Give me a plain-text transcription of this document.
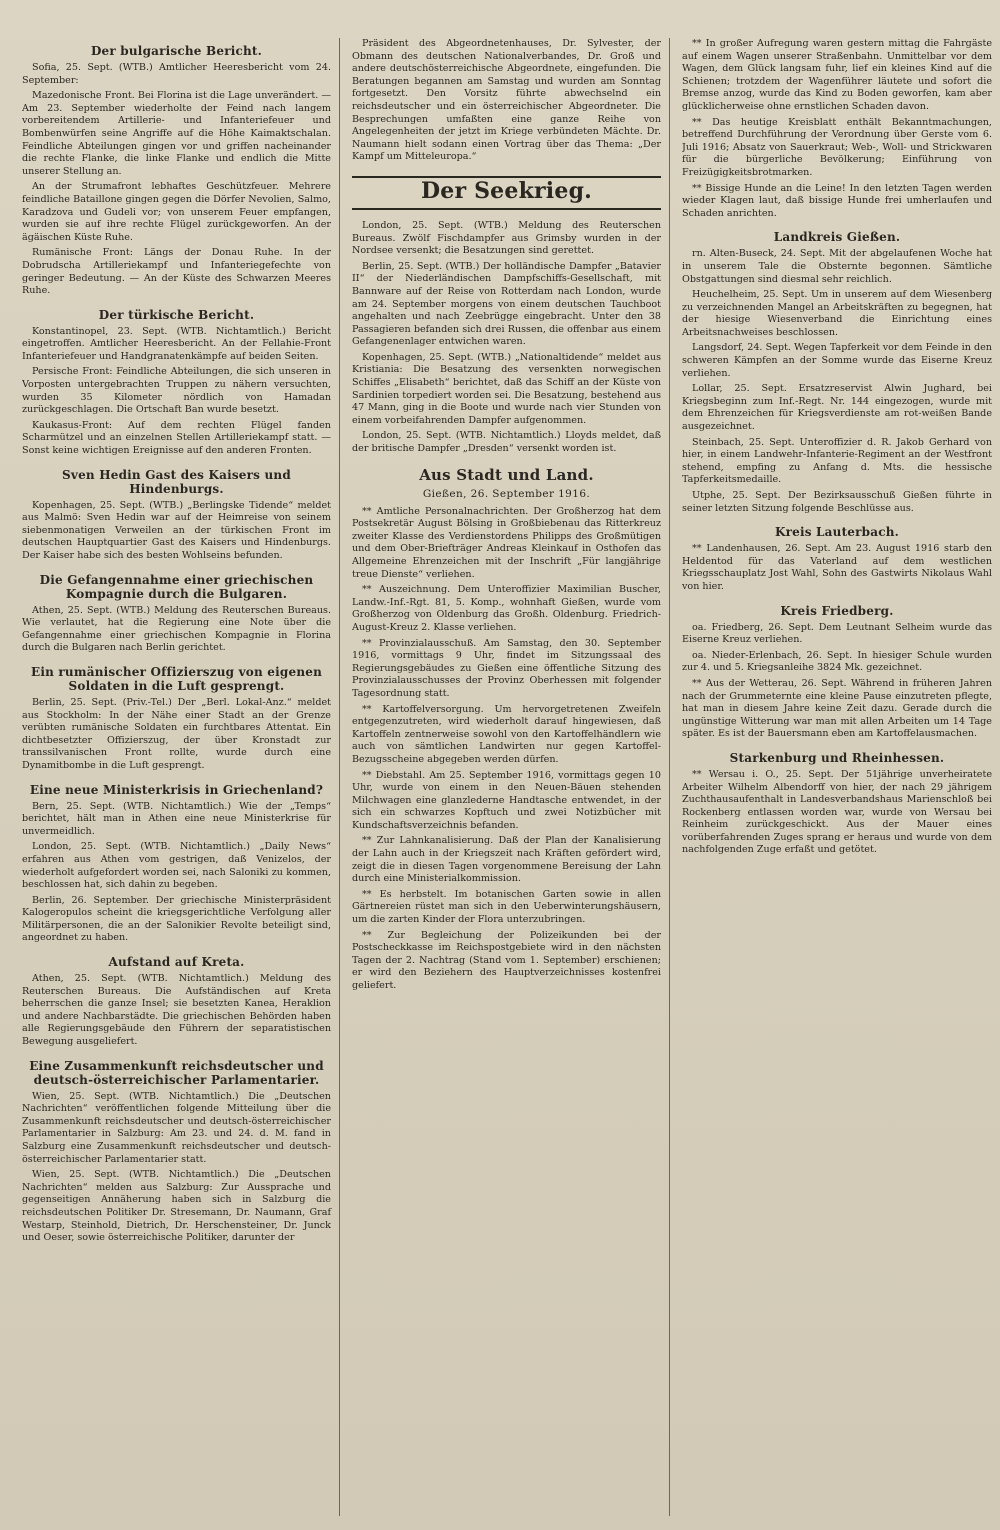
Der bulgarische Bericht.

Sofia, 25. Sept. (WTB.) Amtlicher Heeresbericht vom 24. September:

Mazedonische Front. Bei Florina ist die Lage unverändert. — Am 23. September wiederholte der Feind nach langem vorbereitendem Artillerie- und Infanteriefeuer und Bombenwürfen seine Angriffe auf die Höhe Kaimaktschalan. Feindliche Abteilungen gingen vor und griffen nacheinander die rechte Flanke, die linke Flanke und endlich die Mitte unserer Stellung an.

An der Strumafront lebhaftes Geschützfeuer. Mehrere feindliche Bataillone gingen gegen die Dörfer Nevolien, Salmo, Karadzova und Gudeli vor; von unserem Feuer empfangen, wurden sie auf ihre rechte Flügel zurückgeworfen. An der ägäischen Küste Ruhe.

Rumänische Front: Längs der Donau Ruhe. In der Dobrudscha Artilleriekampf und Infanteriegefechte von geringer Bedeutung. — An der Küste des Schwarzen Meeres Ruhe.

Der türkische Bericht.

Konstantinopel, 23. Sept. (WTB. Nichtamtlich.) Bericht eingetroffen. Amtlicher Heeresbericht. An der Fellahie-Front Infanteriefeuer und Handgranatenkämpfe auf beiden Seiten.

Persische Front: Feindliche Abteilungen, die sich unseren in Vorposten untergebrachten Truppen zu nähern versuchten, wurden 35 Kilometer nördlich von Hamadan zurückgeschlagen. Die Ortschaft Ban wurde besetzt.

Kaukasus-Front: Auf dem rechten Flügel fanden Scharmützel und an einzelnen Stellen Artilleriekampf statt. — Sonst keine wichtigen Ereignisse auf den anderen Fronten.

Sven Hedin Gast des Kaisers und Hindenburgs.

Kopenhagen, 25. Sept. (WTB.) „Berlingske Tidende“ meldet aus Malmö: Sven Hedin war auf der Heimreise von seinem siebenmonatigen Verweilen an der türkischen Front im deutschen Hauptquartier Gast des Kaisers und Hindenburgs. Der Kaiser habe sich des besten Wohlseins befunden.

Die Gefangennahme einer griechischen Kompagnie durch die Bulgaren.

Athen, 25. Sept. (WTB.) Meldung des Reuterschen Bureaus. Wie verlautet, hat die Regierung eine Note über die Gefangennahme einer griechischen Kompagnie in Florina durch die Bulgaren nach Berlin gerichtet.

Ein rumänischer Offizierszug von eigenen Soldaten in die Luft gesprengt.

Berlin, 25. Sept. (Priv.-Tel.) Der „Berl. Lokal-Anz.“ meldet aus Stockholm: In der Nähe einer Stadt an der Grenze verübten rumänische Soldaten ein furchtbares Attentat. Ein dichtbesetzter Offizierszug, der über Kronstadt zur transsilvanischen Front rollte, wurde durch eine Dynamitbombe in die Luft gesprengt.

Eine neue Ministerkrisis in Griechenland?

Bern, 25. Sept. (WTB. Nichtamtlich.) Wie der „Temps“ berichtet, hält man in Athen eine neue Ministerkrise für unvermeidlich.

London, 25. Sept. (WTB. Nichtamtlich.) „Daily News“ erfahren aus Athen vom gestrigen, daß Venizelos, der wiederholt aufgefordert worden sei, nach Saloniki zu kommen, beschlossen hat, sich dahin zu begeben.

Berlin, 26. September. Der griechische Ministerpräsident Kalogeropulos scheint die kriegsgerichtliche Verfolgung aller Militärpersonen, die an der Salonikier Revolte beteiligt sind, angeordnet zu haben.

Aufstand auf Kreta.

Athen, 25. Sept. (WTB. Nichtamtlich.) Meldung des Reuterschen Bureaus. Die Aufständischen auf Kreta beherrschen die ganze Insel; sie besetzten Kanea, Heraklion und andere Nachbarstädte. Die griechischen Behörden haben alle Regierungsgebäude den Führern der separatistischen Bewegung ausgeliefert.

Eine Zusammenkunft reichsdeutscher und deutsch-österreichischer Parlamentarier.

Wien, 25. Sept. (WTB. Nichtamtlich.) Die „Deutschen Nachrichten“ veröffentlichen folgende Mitteilung über die Zusammenkunft reichsdeutscher und deutsch-österreichischer Parlamentarier in Salzburg: Am 23. und 24. d. M. fand in Salzburg eine Zusammenkunft reichsdeutscher und deutsch-österreichischer Parlamentarier statt.

Wien, 25. Sept. (WTB. Nichtamtlich.) Die „Deutschen Nachrichten“ melden aus Salzburg: Zur Aussprache und gegenseitigen Annäherung haben sich in Salzburg die reichsdeutschen Politiker Dr. Stresemann, Dr. Naumann, Graf Westarp, Steinhold, Dietrich, Dr. Herschensteiner, Dr. Junck und Oeser, sowie österreichische Politiker, darunter der

Präsident des Abgeordnetenhauses, Dr. Sylvester, der Obmann des deutschen Nationalverbandes, Dr. Groß und andere deutschösterreichische Abgeordnete, eingefunden. Die Beratungen begannen am Samstag und wurden am Sonntag fortgesetzt. Den Vorsitz führte abwechselnd ein reichsdeutscher und ein österreichischer Abgeordneter. Die Besprechungen umfaßten eine ganze Reihe von Angelegenheiten der jetzt im Kriege verbündeten Mächte. Dr. Naumann hielt sodann einen Vortrag über das Thema: „Der Kampf um Mitteleuropa.“

Der Seekrieg.

London, 25. Sept. (WTB.) Meldung des Reuterschen Bureaus. Zwölf Fischdampfer aus Grimsby wurden in der Nordsee versenkt; die Besatzungen sind gerettet.

Berlin, 25. Sept. (WTB.) Der holländische Dampfer „Batavier II“ der Niederländischen Dampfschiffs-Gesellschaft, mit Bannware auf der Reise von Rotterdam nach London, wurde am 24. September morgens von einem deutschen Tauchboot angehalten und nach Zeebrügge eingebracht. Unter den 38 Passagieren befanden sich drei Russen, die offenbar aus einem Gefangenenlager entwichen waren.

Kopenhagen, 25. Sept. (WTB.) „Nationaltidende“ meldet aus Kristiania: Die Besatzung des versenkten norwegischen Schiffes „Elisabeth“ berichtet, daß das Schiff an der Küste von Sardinien torpediert worden sei. Die Besatzung, bestehend aus 47 Mann, ging in die Boote und wurde nach vier Stunden von einem vorbeifahrenden Dampfer aufgenommen.

London, 25. Sept. (WTB. Nichtamtlich.) Lloyds meldet, daß der britische Dampfer „Dresden“ versenkt worden ist.

Aus Stadt und Land.
Gießen, 26. September 1916.

** Amtliche Personalnachrichten. Der Großherzog hat dem Postsekretär August Bölsing in Großbiebenau das Ritterkreuz zweiter Klasse des Verdienstordens Philipps des Großmütigen und dem Ober-Briefträger Andreas Kleinkauf in Osthofen das Allgemeine Ehrenzeichen mit der Inschrift „Für langjährige treue Dienste“ verliehen.

** Auszeichnung. Dem Unteroffizier Maximilian Buscher, Landw.-Inf.-Rgt. 81, 5. Komp., wohnhaft Gießen, wurde vom Großherzog von Oldenburg das Großh. Oldenburg. Friedrich-August-Kreuz 2. Klasse verliehen.

** Provinzialausschuß. Am Samstag, den 30. September 1916, vormittags 9 Uhr, findet im Sitzungssaal des Regierungsgebäudes zu Gießen eine öffentliche Sitzung des Provinzialausschusses der Provinz Oberhessen mit folgender Tagesordnung statt.

** Kartoffelversorgung. Um hervorgetretenen Zweifeln entgegenzutreten, wird wiederholt darauf hingewiesen, daß Kartoffeln zentnerweise sowohl von den Kartoffelhändlern wie auch von sämtlichen Landwirten nur gegen Kartoffel-Bezugsscheine abgegeben werden dürfen.

** Diebstahl. Am 25. September 1916, vormittags gegen 10 Uhr, wurde von einem in den Neuen-Bäuen stehenden Milchwagen eine glanzlederne Handtasche entwendet, in der sich ein schwarzes Kopftuch und zwei Notizbücher mit Kundschaftsverzeichnis befanden.

** Zur Lahnkanalisierung. Daß der Plan der Kanalisierung der Lahn auch in der Kriegszeit nach Kräften gefördert wird, zeigt die in diesen Tagen vorgenommene Bereisung der Lahn durch eine Ministerialkommission.

** Es herbstelt. Im botanischen Garten sowie in allen Gärtnereien rüstet man sich in den Ueberwinterungshäusern, um die zarten Kinder der Flora unterzubringen.

** Zur Begleichung der Polizeikunden bei der Postscheckkasse im Reichspostgebiete wird in den nächsten Tagen der 2. Nachtrag (Stand vom 1. September) erschienen; er wird den Beziehern des Hauptverzeichnisses kostenfrei geliefert.

** In großer Aufregung waren gestern mittag die Fahrgäste auf einem Wagen unserer Straßenbahn. Unmittelbar vor dem Wagen, dem Glück langsam fuhr, lief ein kleines Kind auf die Schienen; trotzdem der Wagenführer läutete und sofort die Bremse anzog, wurde das Kind zu Boden geworfen, kam aber glücklicherweise ohne ernstlichen Schaden davon.

** Das heutige Kreisblatt enthält Bekanntmachungen, betreffend Durchführung der Verordnung über Gerste vom 6. Juli 1916; Absatz von Sauerkraut; Web-, Woll- und Strickwaren für die bürgerliche Bevölkerung; Einführung von Freizügigkeitsbrotmarken.

** Bissige Hunde an die Leine! In den letzten Tagen werden wieder Klagen laut, daß bissige Hunde frei umherlaufen und Schaden anrichten.

Landkreis Gießen.

rn. Alten-Buseck, 24. Sept. Mit der abgelaufenen Woche hat in unserem Tale die Obsternte begonnen. Sämtliche Obstgattungen sind diesmal sehr reichlich.

Heuchelheim, 25. Sept. Um in unserem auf dem Wiesenberg zu verzeichnenden Mangel an Arbeitskräften zu begegnen, hat der hiesige Wiesenverband die Einrichtung eines Arbeitsnachweises beschlossen.

Langsdorf, 24. Sept. Wegen Tapferkeit vor dem Feinde in den schweren Kämpfen an der Somme wurde das Eiserne Kreuz verliehen.

Lollar, 25. Sept. Ersatzreservist Alwin Jughard, bei Kriegsbeginn zum Inf.-Regt. Nr. 144 eingezogen, wurde mit dem Ehrenzeichen für Kriegsverdienste am rot-weißen Bande ausgezeichnet.

Steinbach, 25. Sept. Unteroffizier d. R. Jakob Gerhard von hier, in einem Landwehr-Infanterie-Regiment an der Westfront stehend, empfing zu Anfang d. Mts. die hessische Tapferkeitsmedaille.

Utphe, 25. Sept. Der Bezirksausschuß Gießen führte in seiner letzten Sitzung folgende Beschlüsse aus.

Kreis Lauterbach.

** Landenhausen, 26. Sept. Am 23. August 1916 starb den Heldentod für das Vaterland auf dem westlichen Kriegsschauplatz Jost Wahl, Sohn des Gastwirts Nikolaus Wahl von hier.

Kreis Friedberg.

oa. Friedberg, 26. Sept. Dem Leutnant Selheim wurde das Eiserne Kreuz verliehen.

oa. Nieder-Erlenbach, 26. Sept. In hiesiger Schule wurden zur 4. und 5. Kriegsanleihe 3824 Mk. gezeichnet.

** Aus der Wetterau, 26. Sept. Während in früheren Jahren nach der Grummeternte eine kleine Pause einzutreten pflegte, hat man in diesem Jahre keine Zeit dazu. Gerade durch die ungünstige Witterung war man mit allen Arbeiten um 14 Tage später. Es ist der Bauersmann eben am Kartoffelausmachen.

Starkenburg und Rheinhessen.

** Wersau i. O., 25. Sept. Der 51jährige unverheiratete Arbeiter Wilhelm Albendorff von hier, der nach 29 jährigem Zuchthausaufenthalt in Landesverbandshaus Marienschloß bei Rockenberg entlassen worden war, wurde von Wersau bei Reinheim zurückgeschickt. Aus der Mauer eines vorüberfahrenden Zuges sprang er heraus und wurde von dem nachfolgenden Zuge erfaßt und getötet.
